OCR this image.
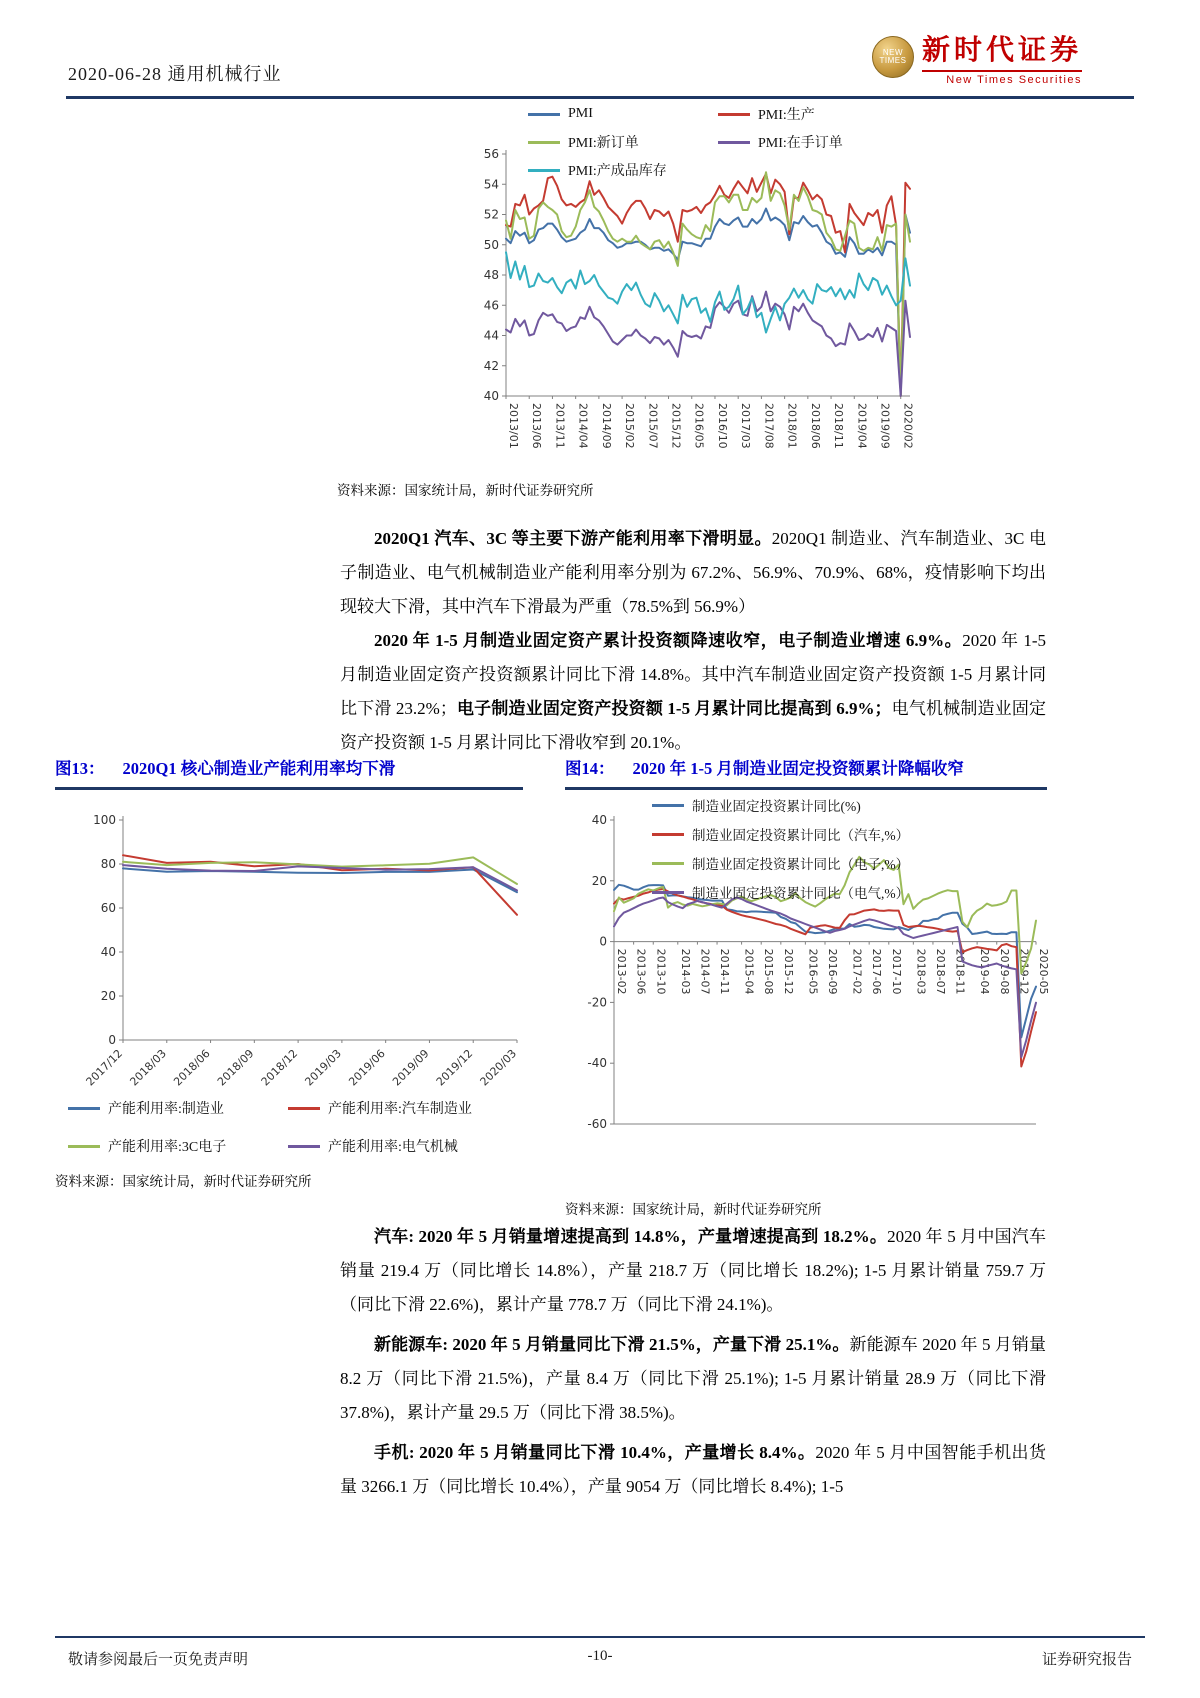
2020-06-28 通用机械行业
NEW
TIMES 新时代证券
New Times Securities
PMI	PMI:生产
PMI:新订单	PMI:在手订单
PMI:产成品库存
40
42
44
46
48
50
52
54
56
2013/01 2013/06 2013/11 2014/04 2014/09 2015/02 2015/07 2015/12 2016/05 2016/10 2017/03 2017/08 2018/01 2018/06 2018/11 2019/04 2019/09 2020/02
资料来源：国家统计局，新时代证券研究所

2020Q1 汽车、3C 等主要下游产能利用率下滑明显。2020Q1 制造业、汽车制造业、3C 电子制造业、电气机械制造业产能利用率分别为 67.2%、56.9%、70.9%、68%，疫情影响下均出现较大下滑，其中汽车下滑最为严重（78.5%到 56.9%）

2020 年 1-5 月制造业固定资产累计投资额降速收窄，电子制造业增速 6.9%。2020 年 1-5 月制造业固定资产投资额累计同比下滑 14.8%。其中汽车制造业固定资产投资额 1-5 月累计同比下滑 23.2%；电子制造业固定资产投资额 1-5 月累计同比提高到 6.9%；电气机械制造业固定资产投资额 1-5 月累计同比下滑收窄到 20.1%。

图13： 2020Q1 核心制造业产能利用率均下滑	图14： 2020 年 1-5 月制造业固定投资额累计降幅收窄
0
20
40
60
80
100
2017/12 2018/03 2018/06 2018/09 2018/12 2019/03 2019/06 2019/09 2019/12 2020/03
产能利用率:制造业	产能利用率:汽车制造业
产能利用率:3C电子	产能利用率:电气机械
资料来源：国家统计局，新时代证券研究所
-60
-40
-20
0
20
40
2013-02 2013-06 2013-10 2014-03 2014-07 2014-11 2015-04 2015-08 2015-12 2016-05 2016-09 2017-02 2017-06 2017-10 2018-03 2018-07 2018-11 2019-04 2019-08 2019-12 2020-05
制造业固定投资累计同比(%)
制造业固定投资累计同比（汽车,%）
制造业固定投资累计同比（电子,%）
制造业固定投资累计同比（电气,%）
资料来源：国家统计局，新时代证券研究所

汽车: 2020 年 5 月销量增速提高到 14.8%，产量增速提高到 18.2%。2020 年 5 月中国汽车销量 219.4 万（同比增长 14.8%），产量 218.7 万（同比增长 18.2%); 1-5 月累计销量 759.7 万（同比下滑 22.6%)，累计产量 778.7 万（同比下滑 24.1%)。

新能源车: 2020 年 5 月销量同比下滑 21.5%，产量下滑 25.1%。新能源车 2020 年 5 月销量 8.2 万（同比下滑 21.5%)，产量 8.4 万（同比下滑 25.1%); 1-5 月累计销量 28.9 万（同比下滑 37.8%)，累计产量 29.5 万（同比下滑 38.5%)。

手机: 2020 年 5 月销量同比下滑 10.4%，产量增长 8.4%。2020 年 5 月中国智能手机出货量 3266.1 万（同比增长 10.4%），产量 9054 万（同比增长 8.4%); 1-5

敬请参阅最后一页免责声明	-10-	证券研究报告
